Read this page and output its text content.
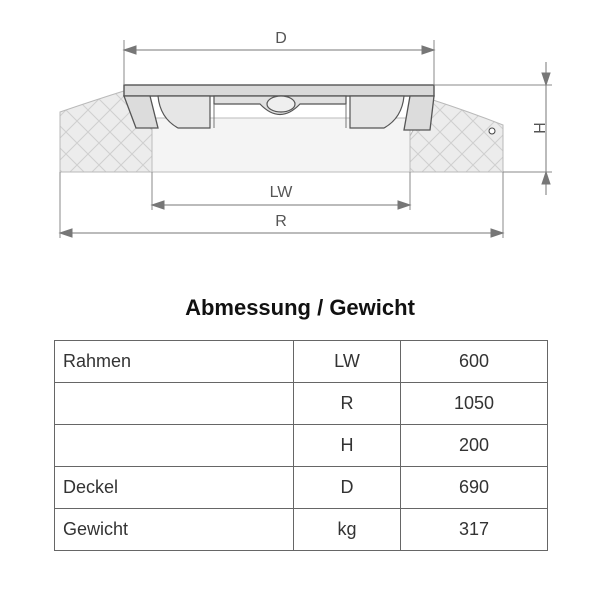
D
LW
R
H
Abmessung / Gewicht
Rahmen	LW	600
	R	1050
	H	200
Deckel	D	690
Gewicht	kg	317
